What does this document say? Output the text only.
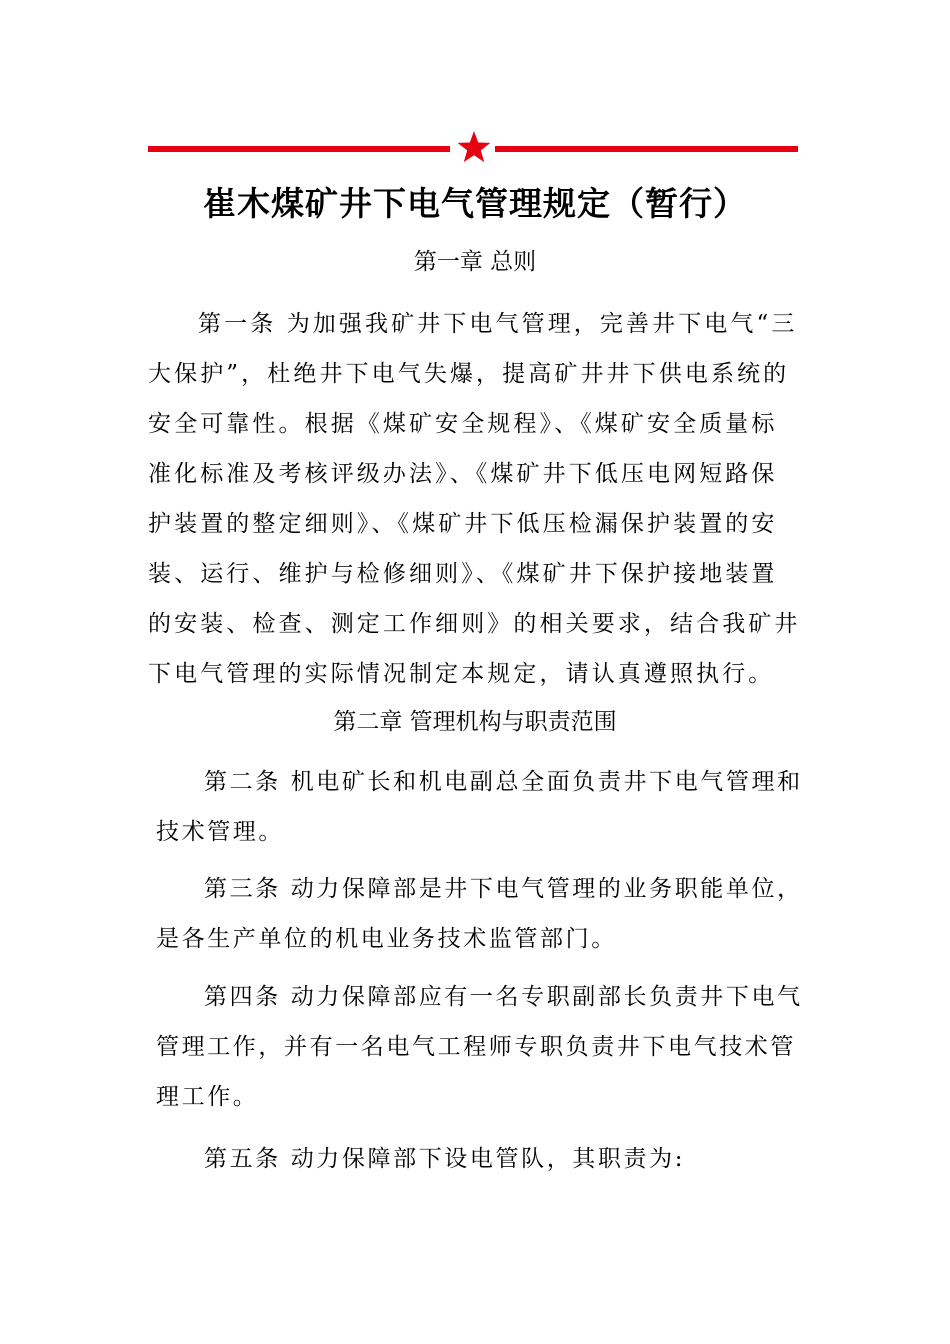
崔木煤矿井下电气管理规定（暂行）
第一章 总则
第一条 为加强我矿井下电气管理，完善井下电气“三
大保护”，杜绝井下电气失爆，提高矿井井下供电系统的
安全可靠性。根据《煤矿安全规程》、《煤矿安全质量标
准化标准及考核评级办法》、《煤矿井下低压电网短路保
护装置的整定细则》、《煤矿井下低压检漏保护装置的安
装、运行、维护与检修细则》、《煤矿井下保护接地装置
的安装、检查、测定工作细则》的相关要求，结合我矿井
下电气管理的实际情况制定本规定，请认真遵照执行。
第二章 管理机构与职责范围
第二条 机电矿长和机电副总全面负责井下电气管理和
技术管理。
第三条 动力保障部是井下电气管理的业务职能单位，
是各生产单位的机电业务技术监管部门。
第四条 动力保障部应有一名专职副部长负责井下电气
管理工作，并有一名电气工程师专职负责井下电气技术管
理工作。
第五条 动力保障部下设电管队，其职责为:
